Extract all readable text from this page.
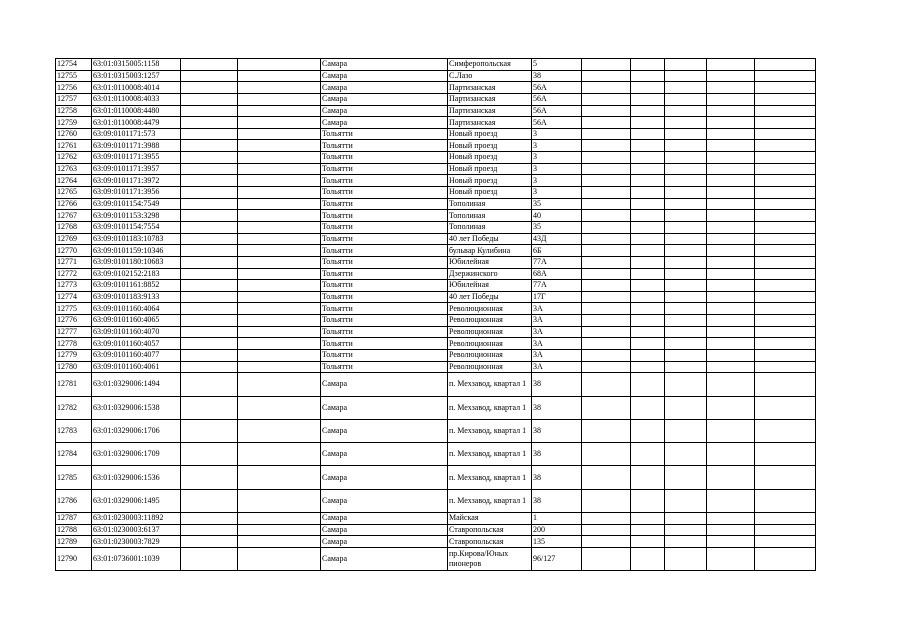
12754	63:01:0315005:1158			Самара	Симферопольская	5					
12755	63:01:0315003:1257			Самара	С.Лазо	38					
12756	63:01:0110008:4014			Самара	Партизанская	56А					
12757	63:01:0110008:4033			Самара	Партизанская	56А					
12758	63:01:0110008:4480			Самара	Партизанская	56А					
12759	63:01:0110008:4479			Самара	Партизанская	56А					
12760	63:09:0101171:573			Тольятти	Новый проезд	3					
12761	63:09:0101171:3988			Тольятти	Новый проезд	3					
12762	63:09:0101171:3955			Тольятти	Новый проезд	3					
12763	63:09:0101171:3957			Тольятти	Новый проезд	3					
12764	63:09:0101171:3972			Тольятти	Новый проезд	3					
12765	63:09:0101171:3956			Тольятти	Новый проезд	3					
12766	63:09:0101154:7549			Тольятти	Тополиная	35					
12767	63:09:0101153:3298			Тольятти	Тополиная	40					
12768	63:09:0101154:7554			Тольятти	Тополиная	35					
12769	63:09:0101183:10783			Тольятти	40 лет Победы	43Д					
12770	63:09:0101159:10346			Тольятти	бульвар Кулибина	6Б					
12771	63:09:0101180:10683			Тольятти	Юбилейная	77А					
12772	63:09:0102152:2183			Тольятти	Дзержинского	68А					
12773	63:09:0101161:8852			Тольятти	Юбилейная	77А					
12774	63:09:0101183:9133			Тольятти	40 лет Победы	17Г					
12775	63:09:0101160:4064			Тольятти	Революционная	3А					
12776	63:09:0101160:4065			Тольятти	Революционная	3А					
12777	63:09:0101160:4070			Тольятти	Революционная	3А					
12778	63:09:0101160:4057			Тольятти	Революционная	3А					
12779	63:09:0101160:4077			Тольятти	Революционная	3А					
12780	63:09:0101160:4061			Тольятти	Революционная	3А					
12781	63:01:0329006:1494			Самара	п. Мехзавод, квартал 1	38					
12782	63:01:0329006:1538			Самара	п. Мехзавод, квартал 1	38					
12783	63:01:0329006:1706			Самара	п. Мехзавод, квартал 1	38					
12784	63:01:0329006:1709			Самара	п. Мехзавод, квартал 1	38					
12785	63:01:0329006:1536			Самара	п. Мехзавод, квартал 1	38					
12786	63:01:0329006:1495			Самара	п. Мехзавод, квартал 1	38					
12787	63:01:0230003:11892			Самара	Майская	1					
12788	63:01:0230003:6137			Самара	Ставропольская	200					
12789	63:01:0230003:7829			Самара	Ставропольская	135					
12790	63:01:0736001:1039			Самара	пр.Кирова/Юных пионеров	96/127					
